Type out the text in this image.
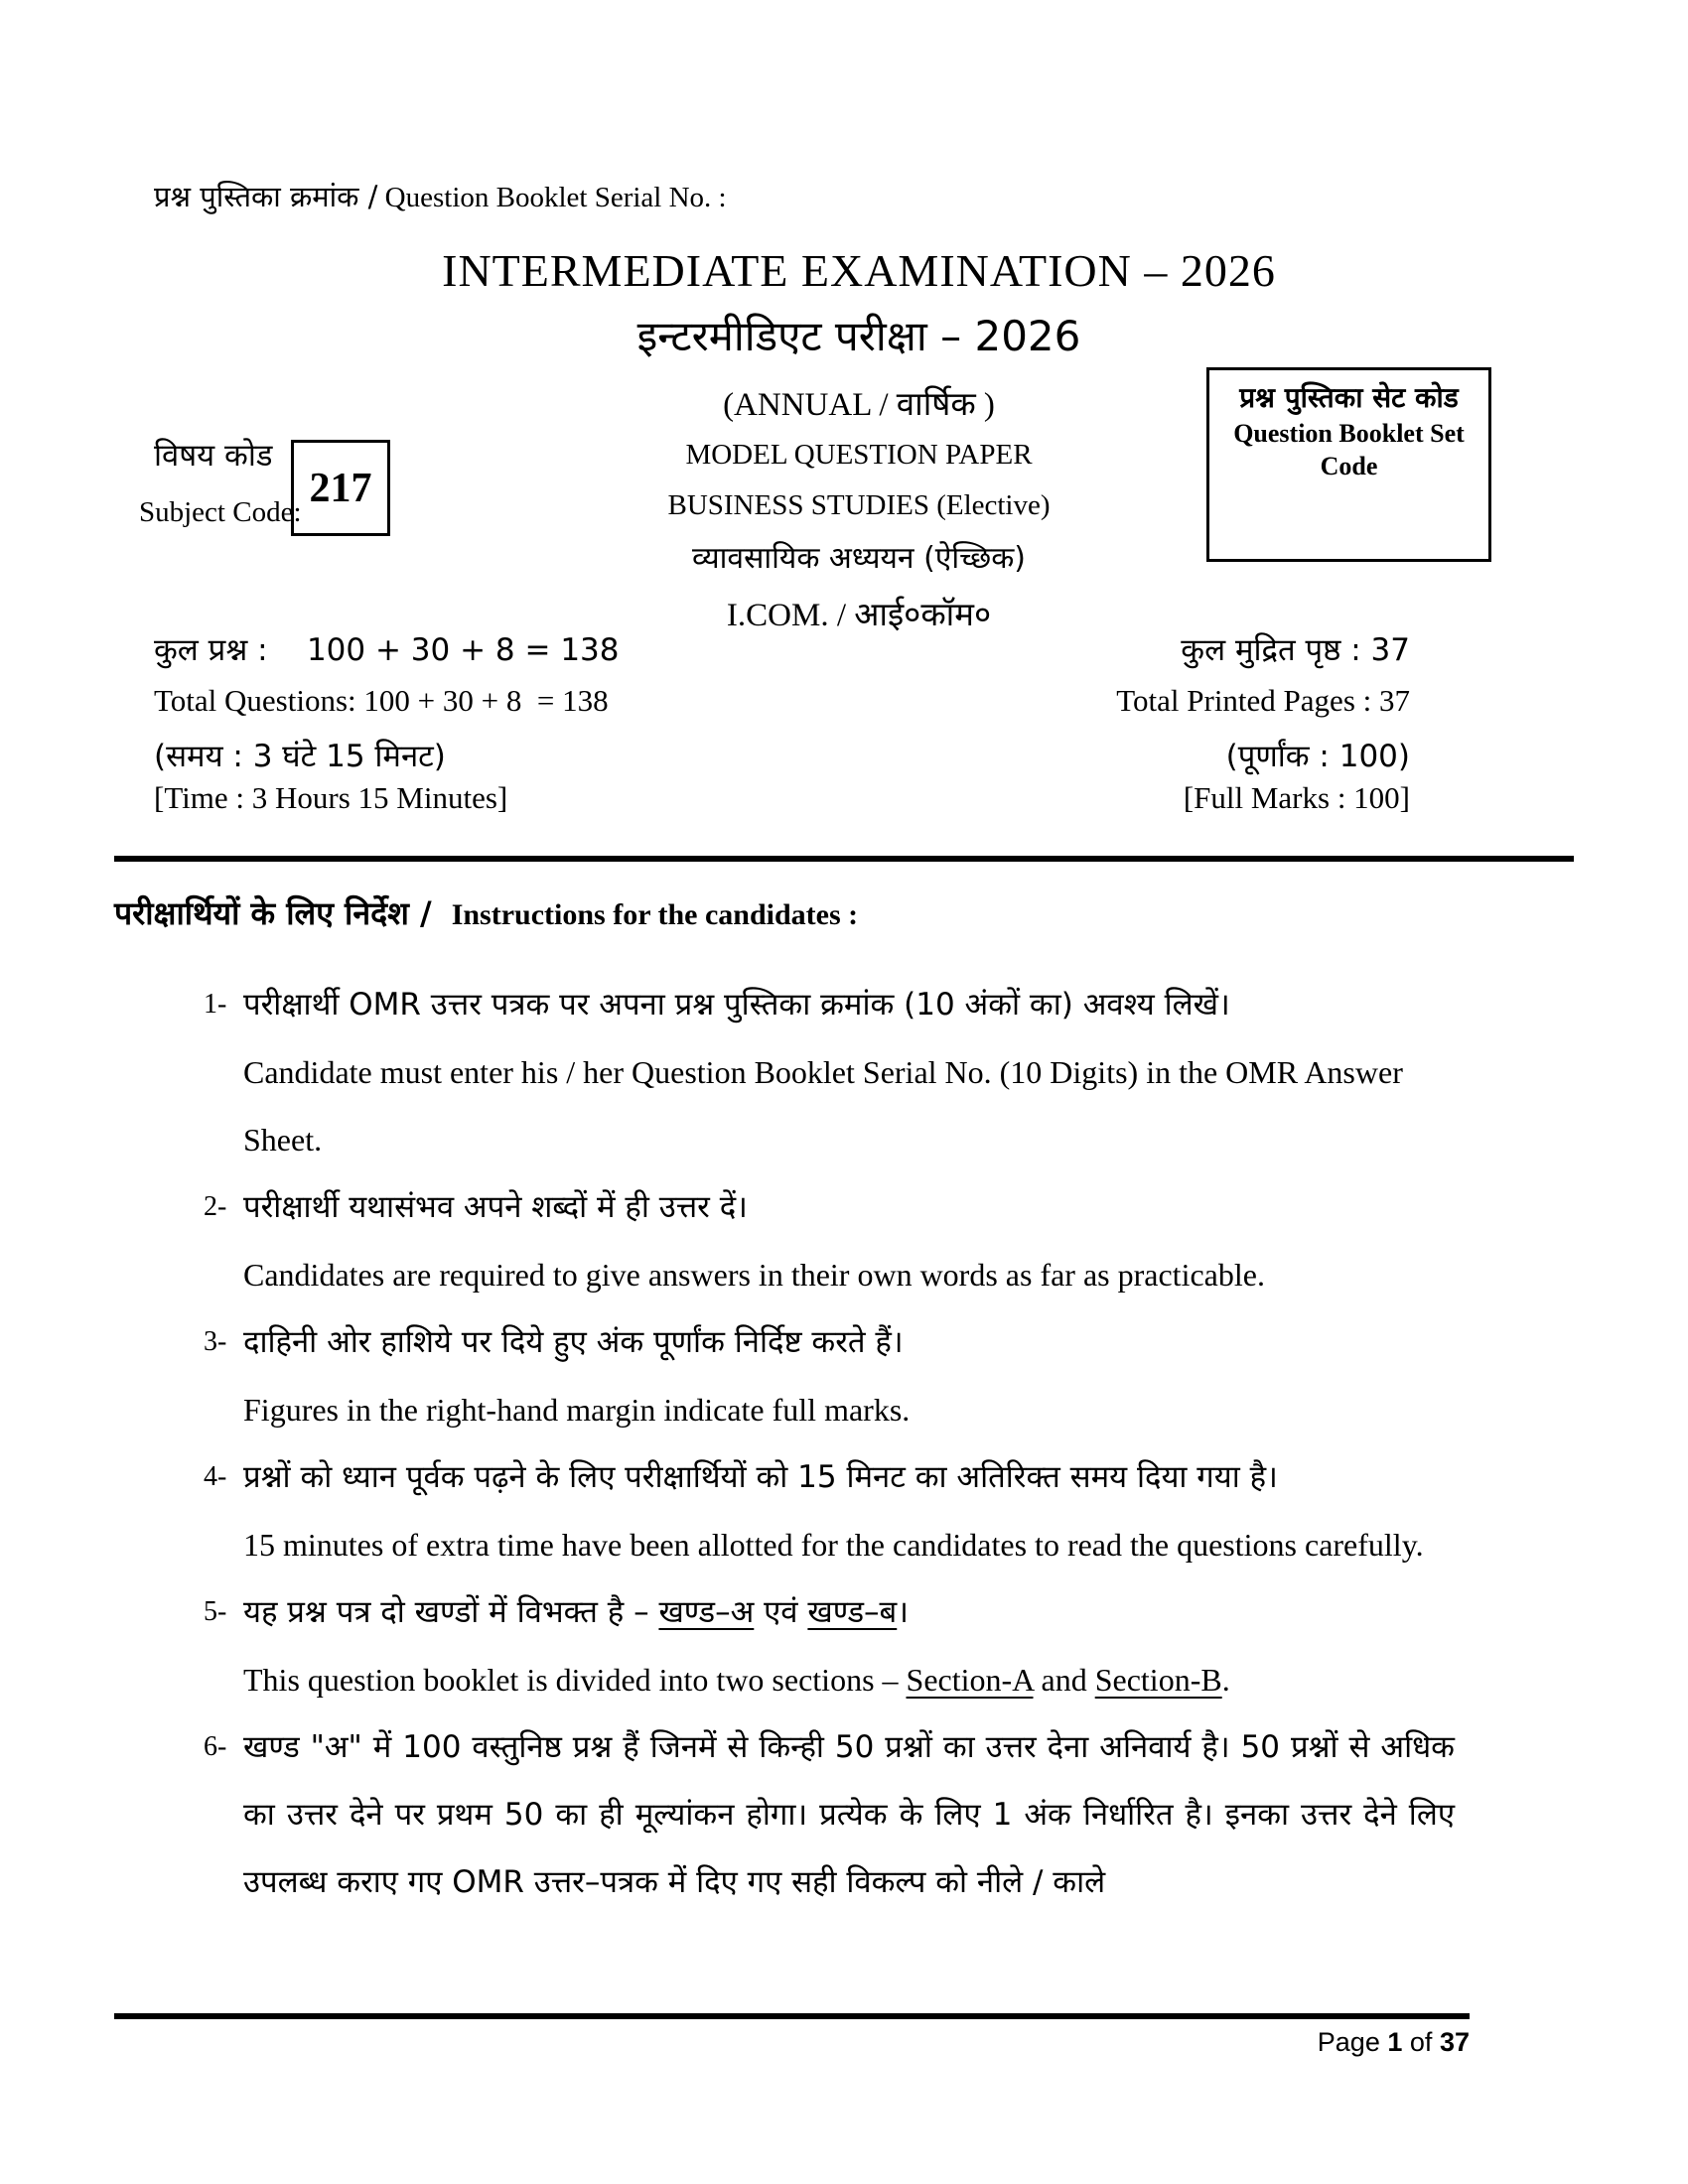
प्रश्न पुस्तिका क्रमांक / Question Booklet Serial No. :
INTERMEDIATE EXAMINATION – 2026
इन्टरमीडिएट परीक्षा – 2026
(ANNUAL / वार्षिक )
MODEL QUESTION PAPER
BUSINESS STUDIES (Elective)
व्यावसायिक अध्ययन (ऐच्छिक)
I.COM. / आई०कॉम०
विषय कोड
Subject Code:
217
प्रश्न पुस्तिका सेट कोड
Question Booklet Set Code
कुल प्रश्न :    100 + 30 + 8 = 138	कुल मुद्रित पृष्ठ : 37
Total Questions: 100 + 30 + 8  = 138	Total Printed Pages : 37
(समय : 3 घंटे 15 मिनट)	(पूर्णांक : 100)
[Time : 3 Hours 15 Minutes]	[Full Marks : 100]
परीक्षार्थियों के लिए निर्देश / Instructions for the candidates :
1- परीक्षार्थी OMR उत्तर पत्रक पर अपना प्रश्न पुस्तिका क्रमांक (10 अंकों का) अवश्य लिखें।
Candidate must enter his / her Question Booklet Serial No. (10 Digits) in the OMR Answer Sheet.
2- परीक्षार्थी यथासंभव अपने शब्दों में ही उत्तर दें।
Candidates are required to give answers in their own words as far as practicable.
3- दाहिनी ओर हाशिये पर दिये हुए अंक पूर्णांक निर्दिष्ट करते हैं।
Figures in the right-hand margin indicate full marks.
4- प्रश्नों को ध्यान पूर्वक पढ़ने के लिए परीक्षार्थियों को 15 मिनट का अतिरिक्त समय दिया गया है।
15 minutes of extra time have been allotted for the candidates to read the questions carefully.
5- यह प्रश्न पत्र दो खण्डों में विभक्त है – खण्ड–अ एवं खण्ड–ब।
This question booklet is divided into two sections – Section-A and Section-B.
6- खण्ड "अ" में 100 वस्तुनिष्ठ प्रश्न हैं जिनमें से किन्ही 50 प्रश्नों का उत्तर देना अनिवार्य है। 50 प्रश्नों से अधिक का उत्तर देने पर प्रथम 50 का ही मूल्यांकन होगा। प्रत्येक के लिए 1 अंक निर्धारित है। इनका उत्तर देने लिए उपलब्ध कराए गए OMR उत्तर–पत्रक में दिए गए सही विकल्प को नीले / काले
Page 1 of 37
